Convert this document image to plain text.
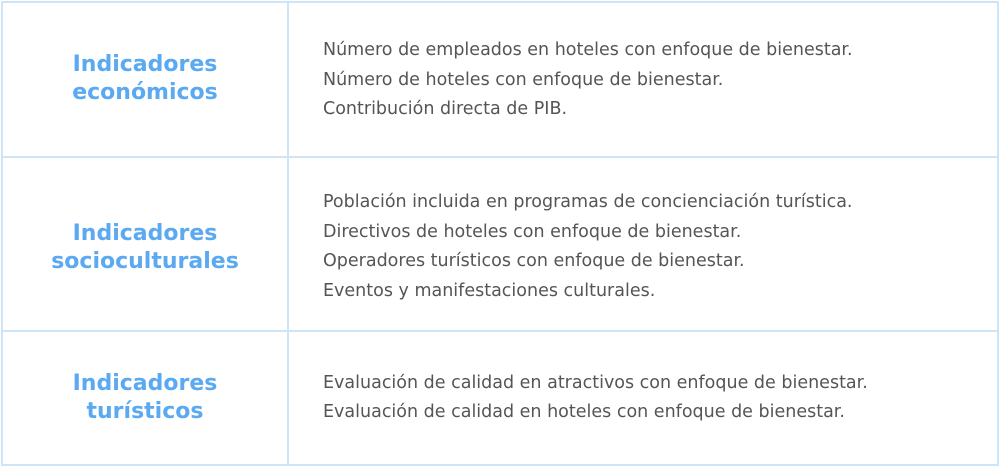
Indicadores
económicos	Número de empleados en hoteles con enfoque de bienestar.
Número de hoteles con enfoque de bienestar.
Contribución directa de PIB.

Indicadores
socioculturales	Población incluida en programas de concienciación turística.
Directivos de hoteles con enfoque de bienestar.
Operadores turísticos con enfoque de bienestar.
Eventos y manifestaciones culturales.

Indicadores
turísticos	Evaluación de calidad en atractivos con enfoque de bienestar.
Evaluación de calidad en hoteles con enfoque de bienestar.
